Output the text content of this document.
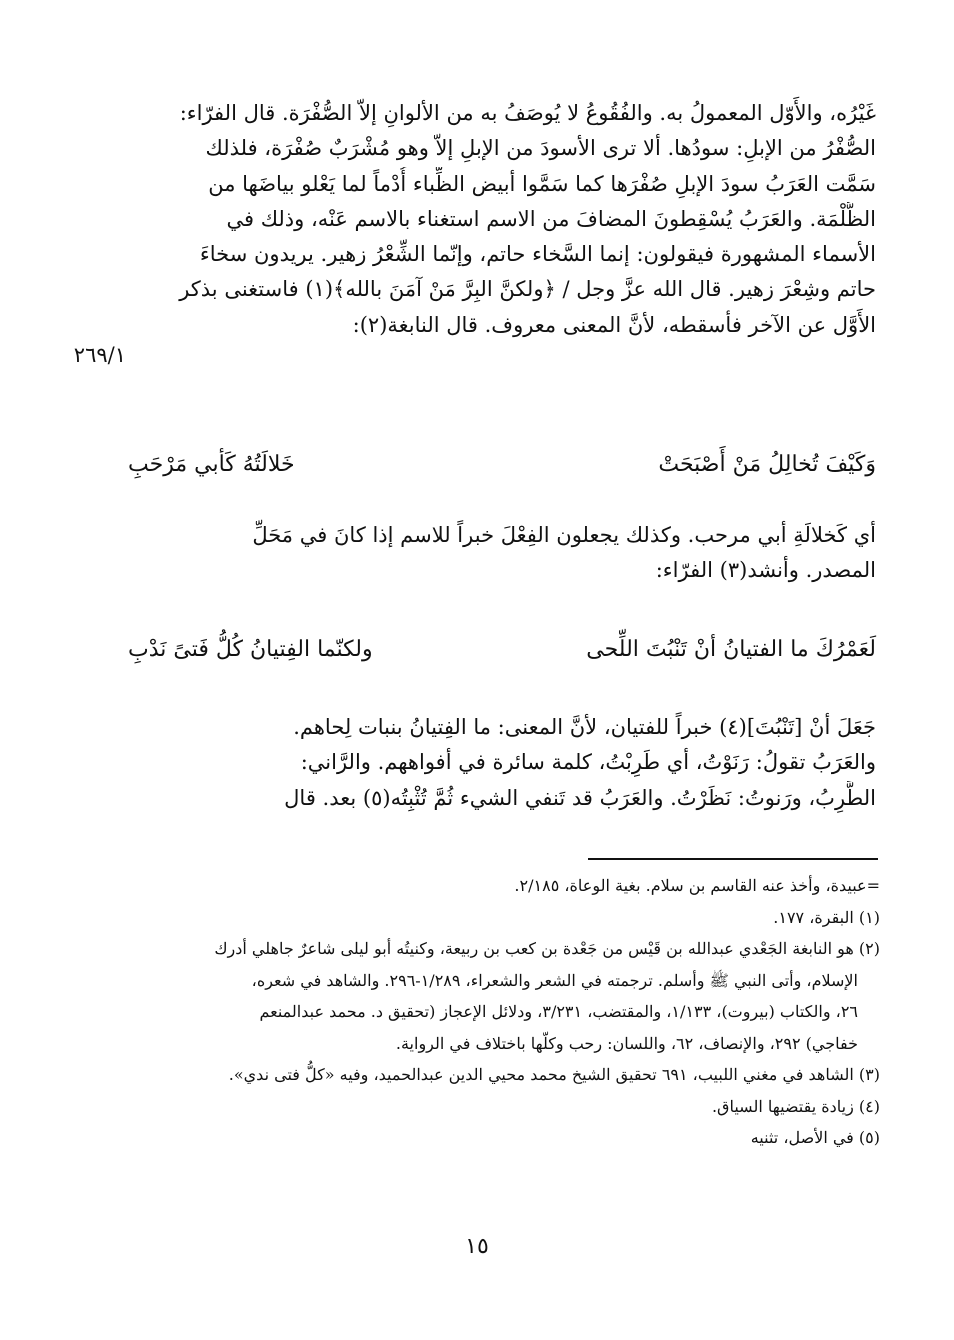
٢٦٩/١
غَيْرُه، والأَوّل المعمولُ به. والفُقُوعُ لا يُوصَفُ به من الألوانِ إلاّ الصُّفْرَة. قال الفرّاء:
الصُّفْرُ من الإبلِ: سودُها. ألا ترى الأسودَ من الإبلِ إلاّ وهو مُشْرَبٌ صُفْرَة، فلذلك
سَمَّت العَرَبُ سودَ الإبلِ صُفْرَها كما سَمَّوا أبيض الظِّباء أُدْماً لما يَعْلو بياضَها من
الظُّلْمَة. والعَرَبُ يُسْقِطونَ المضافَ من الاسم استغناء بالاسم عَنْه، وذلك في
الأسماء المشهورة فيقولون: إنما السَّخاء حاتم، وإنّما الشِّعْرُ زهير. يريدون سخاءَ
حاتم وشِعْرَ زهير. قال الله عزَّ وجل / ﴿ولكنَّ البِرَّ مَنْ آمَنَ بالله﴾(١) فاستغنى بذكر
الأَوَّل عن الآخر فأسقطه، لأنَّ المعنى معروف. قال النابغة(٢):
وَكَيْفَ تُخالِلُ مَنْ أَصْبَحَتْ
خَلالَتُهُ كَأبي مَرْحَبِ
أي كَخلالَةِ أبي مرحب. وكذلك يجعلون الفِعْلَ خبراً للاسم إذا كانَ في مَحَلِّ
المصدر. وأنشد(٣) الفرّاء:
لَعَمْرُكَ ما الفتيانُ أنْ تَنْبُتَ اللِّحى
ولكنّما الفِتيانُ كُلُّ فَتىً نَدْبِ
جَعَلَ أنْ [تَنْبُتَ](٤) خبراً للفتيان، لأنَّ المعنى: ما الفِتيانُ بنبات لِحاهم.
والعَرَبُ تقولُ: رَنَوْتُ، أي طَرِبْتُ، كلمة سائرة في أفواههم. والرَّاني:
الطَّرِبُ، ورَنوتُ: نَظَرْتُ. والعَرَبُ قد تَنفي الشيء ثُمَّ تُثْبِتُه(٥) بعد. قال
=عبيدة، وأخذ عنه القاسم بن سلام. بغية الوعاة، ٢/١٨٥.
(١) البقرة، ١٧٧.
(٢) هو النابغة الجَعْدي عبدالله بن قَيْس من جَعْدة بن كعب بن ربيعة، وكنيتُه أبو ليلى شاعرٌ جاهلي أدرك
الإسلام، وأتى النبي ﷺ وأسلم. ترجمته في الشعر والشعراء، ١/٢٨٩-٢٩٦. والشاهد في شعره،
٢٦، والكتاب (بيروت)، ١/١٣٣، والمقتضب، ٣/٢٣١، ودلائل الإعجاز (تحقيق د. محمد عبدالمنعم
خفاجي) ٢٩٢، والإنصاف، ٦٢، واللسان: رحب وكلّها باختلاف في الرواية.
(٣) الشاهد في مغني اللبيب، ٦٩١ تحقيق الشيخ محمد محيي الدين عبدالحميد، وفيه «كلُّ فتى ندي».
(٤) زيادة يقتضيها السياق.
(٥) في الأصل، تثنيه
١٥
